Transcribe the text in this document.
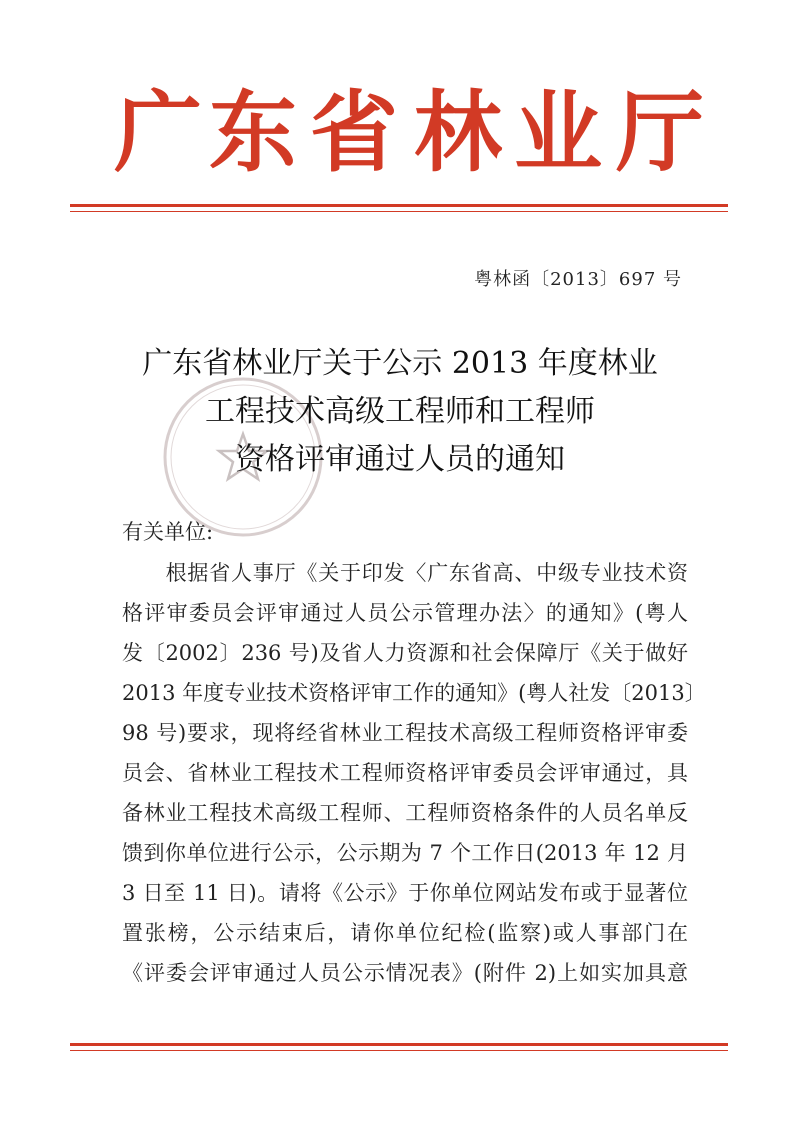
广 东 省 林 业 厅
粤林函〔2013〕697 号
广东省林业厅关于公示 2013 年度林业
工程技术高级工程师和工程师
资格评审通过人员的通知
有关单位:
　　根据省人事厅《关于印发〈广东省高、中级专业技术资
格评审委员会评审通过人员公示管理办法〉的通知》(粤人
发〔2002〕236 号)及省人力资源和社会保障厅《关于做好
2013 年度专业技术资格评审工作的通知》(粤人社发〔2013〕
98 号)要求，现将经省林业工程技术高级工程师资格评审委
员会、省林业工程技术工程师资格评审委员会评审通过，具
备林业工程技术高级工程师、工程师资格条件的人员名单反
馈到你单位进行公示，公示期为 7 个工作日(2013 年 12 月
3 日至 11 日)。请将《公示》于你单位网站发布或于显著位
置张榜，公示结束后，请你单位纪检(监察)或人事部门在
《评委会评审通过人员公示情况表》(附件 2)上如实加具意
